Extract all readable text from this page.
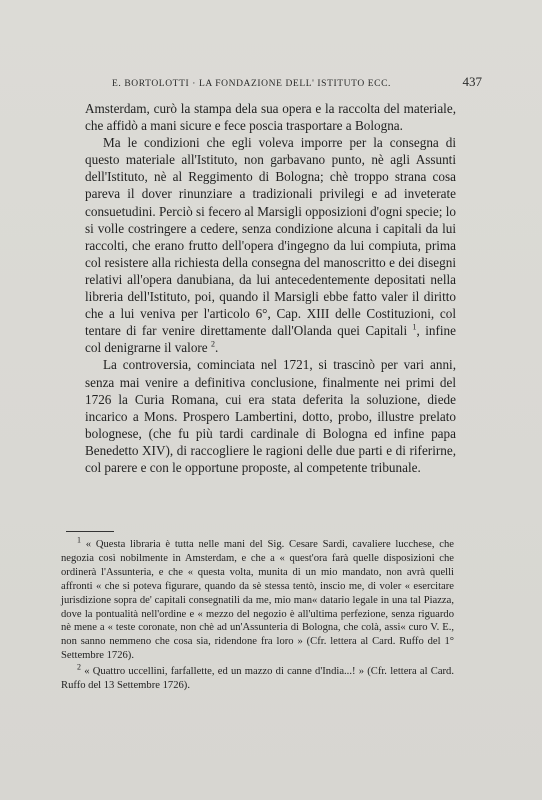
E. BORTOLOTTI · LA FONDAZIONE DELL' ISTITUTO ECC.	437

Amsterdam, curò la stampa dela sua opera e la raccolta del materiale, che affidò a mani sicure e fece poscia trasportare a Bologna.

Ma le condizioni che egli voleva imporre per la consegna di questo materiale all'Istituto, non garbavano punto, nè agli Assunti dell'Istituto, nè al Reggimento di Bologna; chè troppo strana cosa pareva il dover rinunziare a tradizionali privilegi e ad inveterate consuetudini. Perciò si fecero al Marsigli opposizioni d'ogni specie; lo si volle costringere a cedere, senza condizione alcuna i capitali da lui raccolti, che erano frutto dell'opera d'ingegno da lui compiuta, prima col resistere alla richiesta della consegna del manoscritto e dei disegni relativi all'opera danubiana, da lui antecedentemente depositati nella libreria dell'Istituto, poi, quando il Marsigli ebbe fatto valer il diritto che a lui veniva per l'articolo 6°, Cap. XIII delle Costituzioni, col tentare di far venire direttamente dall'Olanda quei Capitali $^1$, infine col denigrarne il valore $^2$.

La controversia, cominciata nel 1721, si trascinò per vari anni, senza mai venire a definitiva conclusione, finalmente nei primi del 1726 la Curia Romana, cui era stata deferita la soluzione, diede incarico a Mons. Prospero Lambertini, dotto, probo, illustre prelato bolognese, (che fu più tardi cardinale di Bologna ed infine papa Benedetto XIV), di raccogliere le ragioni delle due parti e di riferirne, col parere e con le opportune proposte, al competente tribunale.

$^1$ « Questa libraria è tutta nelle mani del Sig. Cesare Sardi, cavaliere lucchese, che negozia così nobilmente in Amsterdam, e che a « quest'ora farà quelle disposizioni che ordinerà l'Assunteria, e che « questa volta, munita di un mio mandato, non avrà quelli affronti « che si poteva figurare, quando da sè stessa tentò, inscio me, di voler « esercitare jurisdizione sopra de' capitali consegnatili da me, mio man« datario legale in una tal Piazza, dove la pontualità nell'ordine e « mezzo del negozio è all'ultima perfezione, senza riguardo nè mene a « teste coronate, non chè ad un'Assunteria di Bologna, che colà, assi« curo V. E., non sanno nemmeno che cosa sia, ridendone fra loro » (Cfr. lettera al Card. Ruffo del 1° Settembre 1726).

$^2$ « Quattro uccellini, farfallette, ed un mazzo di canne d'India...! » (Cfr. lettera al Card. Ruffo del 13 Settembre 1726).
